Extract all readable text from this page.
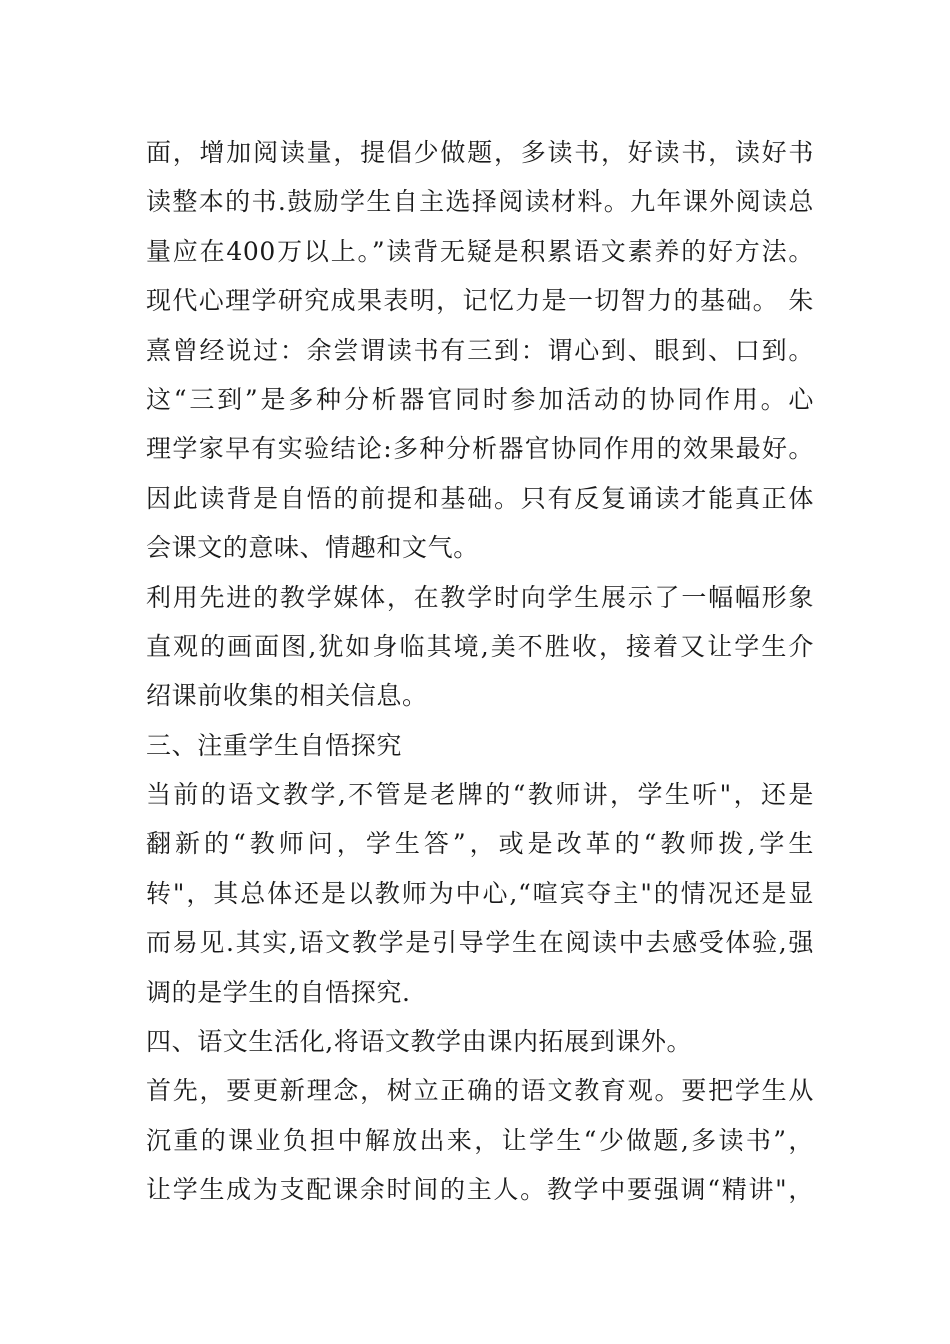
面，增加阅读量，提倡少做题，多读书，好读书，读好书
读整本的书.鼓励学生自主选择阅读材料。九年课外阅读总
量应在400万以上。”读背无疑是积累语文素养的好方法。
现代心理学研究成果表明，记忆力是一切智力的基础。 朱
熹曾经说过：余尝谓读书有三到：谓心到、眼到、口到。
这“三到”是多种分析器官同时参加活动的协同作用。心
理学家早有实验结论:多种分析器官协同作用的效果最好。
因此读背是自悟的前提和基础。只有反复诵读才能真正体
会课文的意味、情趣和文气。
利用先进的教学媒体，在教学时向学生展示了一幅幅形象
直观的画面图,犹如身临其境,美不胜收，接着又让学生介
绍课前收集的相关信息。
三、注重学生自悟探究
当前的语文教学,不管是老牌的“教师讲，学生听"，还是
翻新的“教师问，学生答”，或是改革的“教师拨,学生
转"，其总体还是以教师为中心,“喧宾夺主"的情况还是显
而易见.其实,语文教学是引导学生在阅读中去感受体验,强
调的是学生的自悟探究.
四、语文生活化,将语文教学由课内拓展到课外。
首先，要更新理念，树立正确的语文教育观。要把学生从
沉重的课业负担中解放出来，让学生“少做题,多读书”，
让学生成为支配课余时间的主人。教学中要强调“精讲"，
